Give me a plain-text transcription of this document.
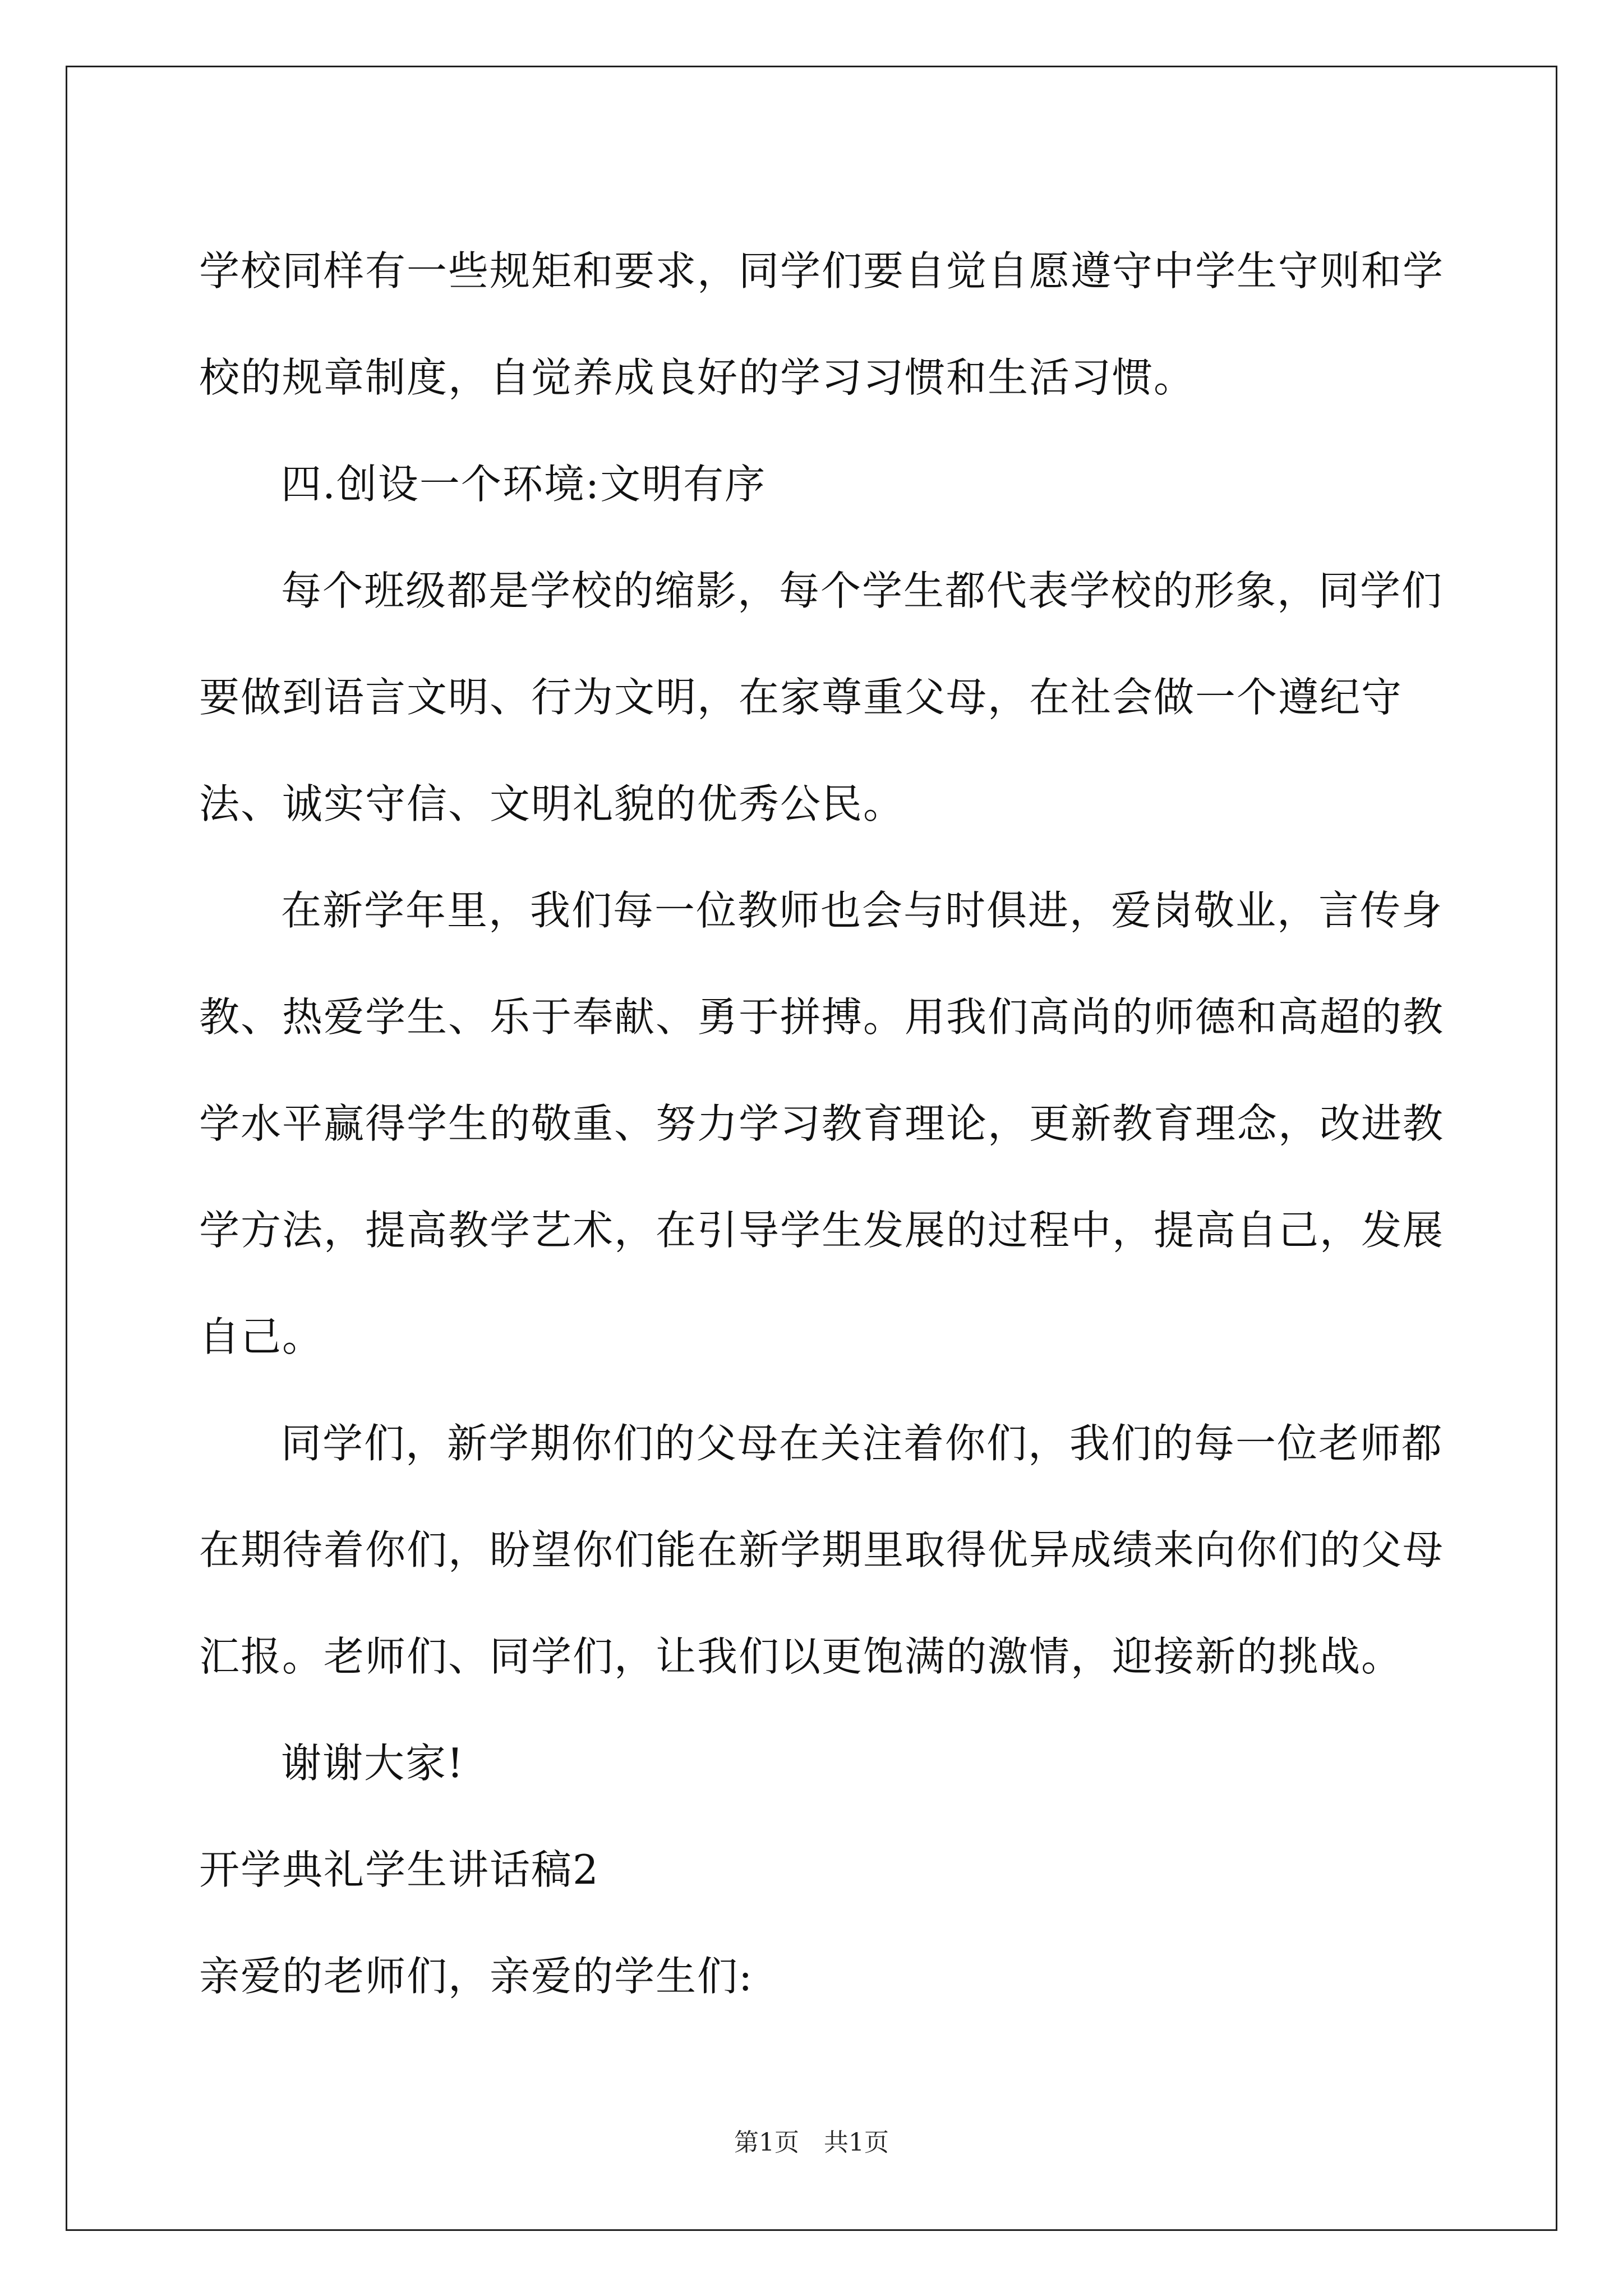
学校同样有一些规矩和要求，同学们要自觉自愿遵守中学生守则和学校的规章制度，自觉养成良好的学习习惯和生活习惯。

四.创设一个环境:文明有序

每个班级都是学校的缩影，每个学生都代表学校的形象，同学们要做到语言文明、行为文明，在家尊重父母，在社会做一个遵纪守法、诚实守信、文明礼貌的优秀公民。

在新学年里，我们每一位教师也会与时俱进，爱岗敬业，言传身教、热爱学生、乐于奉献、勇于拼搏。用我们高尚的师德和高超的教学水平赢得学生的敬重、努力学习教育理论，更新教育理念，改进教学方法，提高教学艺术，在引导学生发展的过程中，提高自己，发展自己。

同学们，新学期你们的父母在关注着你们，我们的每一位老师都在期待着你们，盼望你们能在新学期里取得优异成绩来向你们的父母汇报。老师们、同学们，让我们以更饱满的激情，迎接新的挑战。

谢谢大家!

开学典礼学生讲话稿2

亲爱的老师们，亲爱的学生们:

第1页　共1页
